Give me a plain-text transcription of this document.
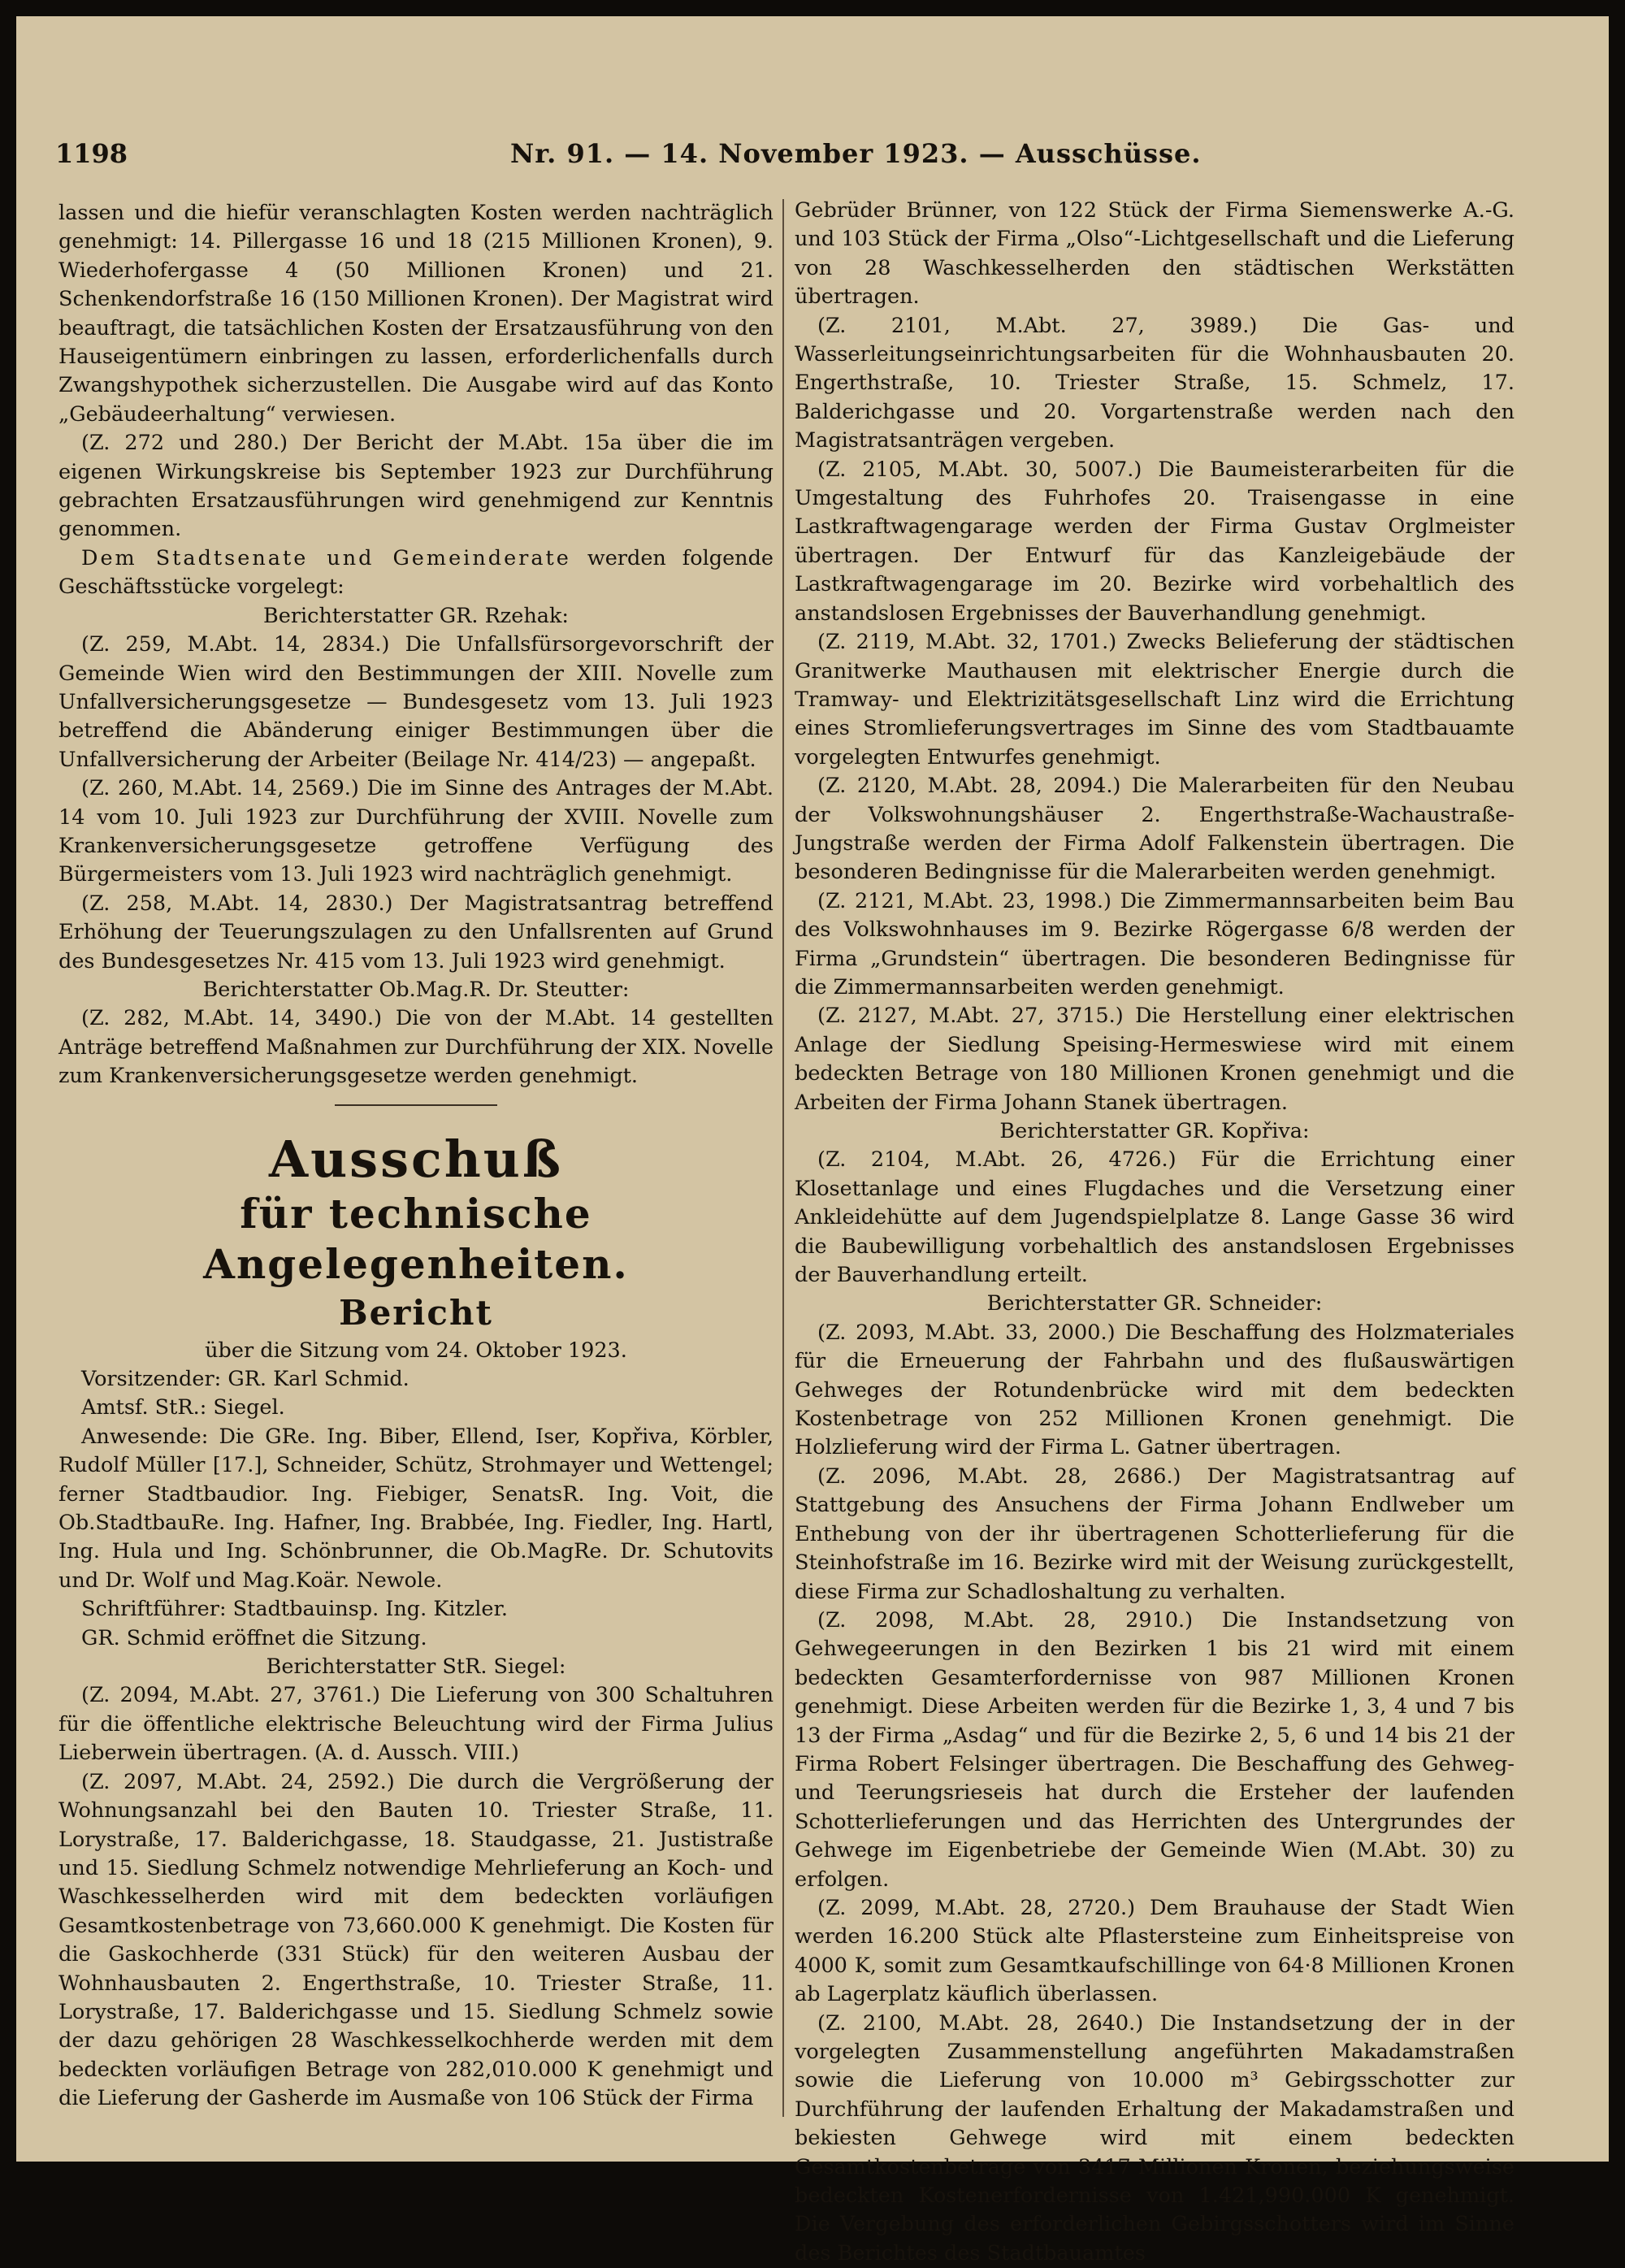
1198	Nr. 91. — 14. November 1923. — Ausschüsse.

lassen und die hiefür veranschlagten Kosten werden nachträglich genehmigt: 14. Pillergasse 16 und 18 (215 Millionen Kronen), 9. Wiederhofergasse 4 (50 Millionen Kronen) und 21. Schenkendorfstraße 16 (150 Millionen Kronen). Der Magistrat wird beauftragt, die tatsächlichen Kosten der Ersatzausführung von den Hauseigentümern einbringen zu lassen, erforderlichenfalls durch Zwangshypothek sicherzustellen. Die Ausgabe wird auf das Konto „Gebäudeerhaltung“ verwiesen.

(Z. 272 und 280.) Der Bericht der M.Abt. 15a über die im eigenen Wirkungskreise bis September 1923 zur Durchführung gebrachten Ersatzausführungen wird genehmigend zur Kenntnis genommen.

Dem Stadtsenate und Gemeinderate werden folgende Geschäftsstücke vorgelegt:

Berichterstatter GR. Rzehak:

(Z. 259, M.Abt. 14, 2834.) Die Unfallsfürsorgevorschrift der Gemeinde Wien wird den Bestimmungen der XIII. Novelle zum Unfallversicherungsgesetze — Bundesgesetz vom 13. Juli 1923 betreffend die Abänderung einiger Bestimmungen über die Unfallversicherung der Arbeiter (Beilage Nr. 414/23) — angepaßt.

(Z. 260, M.Abt. 14, 2569.) Die im Sinne des Antrages der M.Abt. 14 vom 10. Juli 1923 zur Durchführung der XVIII. Novelle zum Krankenversicherungsgesetze getroffene Verfügung des Bürgermeisters vom 13. Juli 1923 wird nachträglich genehmigt.

(Z. 258, M.Abt. 14, 2830.) Der Magistratsantrag betreffend Erhöhung der Teuerungszulagen zu den Unfallsrenten auf Grund des Bundesgesetzes Nr. 415 vom 13. Juli 1923 wird genehmigt.

Berichterstatter Ob.Mag.R. Dr. Steutter:

(Z. 282, M.Abt. 14, 3490.) Die von der M.Abt. 14 gestellten Anträge betreffend Maßnahmen zur Durchführung der XIX. Novelle zum Krankenversicherungsgesetze werden genehmigt.

Ausschuß
für technische Angelegenheiten.
Bericht

über die Sitzung vom 24. Oktober 1923.

Vorsitzender: GR. Karl Schmid.

Amtsf. StR.: Siegel.

Anwesende: Die GRe. Ing. Biber, Ellend, Iser, Kopřiva, Körbler, Rudolf Müller [17.], Schneider, Schütz, Strohmayer und Wettengel; ferner Stadtbaudior. Ing. Fiebiger, SenatsR. Ing. Voit, die Ob.StadtbauRe. Ing. Hafner, Ing. Brabbée, Ing. Fiedler, Ing. Hartl, Ing. Hula und Ing. Schönbrunner, die Ob.MagRe. Dr. Schutovits und Dr. Wolf und Mag.Koär. Newole.

Schriftführer: Stadtbauinsp. Ing. Kitzler.

GR. Schmid eröffnet die Sitzung.

Berichterstatter StR. Siegel:

(Z. 2094, M.Abt. 27, 3761.) Die Lieferung von 300 Schaltuhren für die öffentliche elektrische Beleuchtung wird der Firma Julius Lieberwein übertragen. (A. d. Aussch. VIII.)

(Z. 2097, M.Abt. 24, 2592.) Die durch die Vergrößerung der Wohnungsanzahl bei den Bauten 10. Triester Straße, 11. Lorystraße, 17. Balderichgasse, 18. Staudgasse, 21. Justistraße und 15. Siedlung Schmelz notwendige Mehrlieferung an Koch- und Waschkesselherden wird mit dem bedeckten vorläufigen Gesamtkostenbetrage von 73,660.000 K genehmigt. Die Kosten für die Gaskochherde (331 Stück) für den weiteren Ausbau der Wohnhausbauten 2. Engerthstraße, 10. Triester Straße, 11. Lorystraße, 17. Balderichgasse und 15. Siedlung Schmelz sowie der dazu gehörigen 28 Waschkesselkochherde werden mit dem bedeckten vorläufigen Betrage von 282,010.000 K genehmigt und die Lieferung der Gasherde im Ausmaße von 106 Stück der Firma

Gebrüder Brünner, von 122 Stück der Firma Siemenswerke A.-G. und 103 Stück der Firma „Olso“-Lichtgesellschaft und die Lieferung von 28 Waschkesselherden den städtischen Werkstätten übertragen.

(Z. 2101, M.Abt. 27, 3989.) Die Gas- und Wasserleitungseinrichtungsarbeiten für die Wohnhausbauten 20. Engerthstraße, 10. Triester Straße, 15. Schmelz, 17. Balderichgasse und 20. Vorgartenstraße werden nach den Magistratsanträgen vergeben.

(Z. 2105, M.Abt. 30, 5007.) Die Baumeisterarbeiten für die Umgestaltung des Fuhrhofes 20. Traisengasse in eine Lastkraftwagengarage werden der Firma Gustav Orglmeister übertragen. Der Entwurf für das Kanzleigebäude der Lastkraftwagengarage im 20. Bezirke wird vorbehaltlich des anstandslosen Ergebnisses der Bauverhandlung genehmigt.

(Z. 2119, M.Abt. 32, 1701.) Zwecks Belieferung der städtischen Granitwerke Mauthausen mit elektrischer Energie durch die Tramway- und Elektrizitätsgesellschaft Linz wird die Errichtung eines Stromlieferungsvertrages im Sinne des vom Stadtbauamte vorgelegten Entwurfes genehmigt.

(Z. 2120, M.Abt. 28, 2094.) Die Malerarbeiten für den Neubau der Volkswohnungshäuser 2. Engerthstraße-Wachaustraße-Jungstraße werden der Firma Adolf Falkenstein übertragen. Die besonderen Bedingnisse für die Malerarbeiten werden genehmigt.

(Z. 2121, M.Abt. 23, 1998.) Die Zimmermannsarbeiten beim Bau des Volkswohnhauses im 9. Bezirke Rögergasse 6/8 werden der Firma „Grundstein“ übertragen. Die besonderen Bedingnisse für die Zimmermannsarbeiten werden genehmigt.

(Z. 2127, M.Abt. 27, 3715.) Die Herstellung einer elektrischen Anlage der Siedlung Speising-Hermeswiese wird mit einem bedeckten Betrage von 180 Millionen Kronen genehmigt und die Arbeiten der Firma Johann Stanek übertragen.

Berichterstatter GR. Kopřiva:

(Z. 2104, M.Abt. 26, 4726.) Für die Errichtung einer Klosettanlage und eines Flugdaches und die Versetzung einer Ankleidehütte auf dem Jugendspielplatze 8. Lange Gasse 36 wird die Baubewilligung vorbehaltlich des anstandslosen Ergebnisses der Bauverhandlung erteilt.

Berichterstatter GR. Schneider:

(Z. 2093, M.Abt. 33, 2000.) Die Beschaffung des Holzmateriales für die Erneuerung der Fahrbahn und des flußauswärtigen Gehweges der Rotundenbrücke wird mit dem bedeckten Kostenbetrage von 252 Millionen Kronen genehmigt. Die Holzlieferung wird der Firma L. Gatner übertragen.

(Z. 2096, M.Abt. 28, 2686.) Der Magistratsantrag auf Stattgebung des Ansuchens der Firma Johann Endlweber um Enthebung von der ihr übertragenen Schotterlieferung für die Steinhofstraße im 16. Bezirke wird mit der Weisung zurückgestellt, diese Firma zur Schadloshaltung zu verhalten.

(Z. 2098, M.Abt. 28, 2910.) Die Instandsetzung von Gehwegeerungen in den Bezirken 1 bis 21 wird mit einem bedeckten Gesamterfordernisse von 987 Millionen Kronen genehmigt. Diese Arbeiten werden für die Bezirke 1, 3, 4 und 7 bis 13 der Firma „Asdag“ und für die Bezirke 2, 5, 6 und 14 bis 21 der Firma Robert Felsinger übertragen. Die Beschaffung des Gehweg- und Teerungsrieseis hat durch die Ersteher der laufenden Schotterlieferungen und das Herrichten des Untergrundes der Gehwege im Eigenbetriebe der Gemeinde Wien (M.Abt. 30) zu erfolgen.

(Z. 2099, M.Abt. 28, 2720.) Dem Brauhause der Stadt Wien werden 16.200 Stück alte Pflastersteine zum Einheitspreise von 4000 K, somit zum Gesamtkaufschillinge von 64·8 Millionen Kronen ab Lagerplatz käuflich überlassen.

(Z. 2100, M.Abt. 28, 2640.) Die Instandsetzung der in der vorgelegten Zusammenstellung angeführten Makadamstraßen sowie die Lieferung von 10.000 m³ Gebirgsschotter zur Durchführung der laufenden Erhaltung der Makadamstraßen und bekiesten Gehwege wird mit einem bedeckten Gesamtkostenbetrage von 3417 Millionen Kronen, beziehungsweise bedeckten Kostenerfordernisse von 1.421,990.000 K genehmigt. Die Vergebung des erforderlichen Gebirgsschotters wird im Sinne des Berichtes des Stadtbauamtes
